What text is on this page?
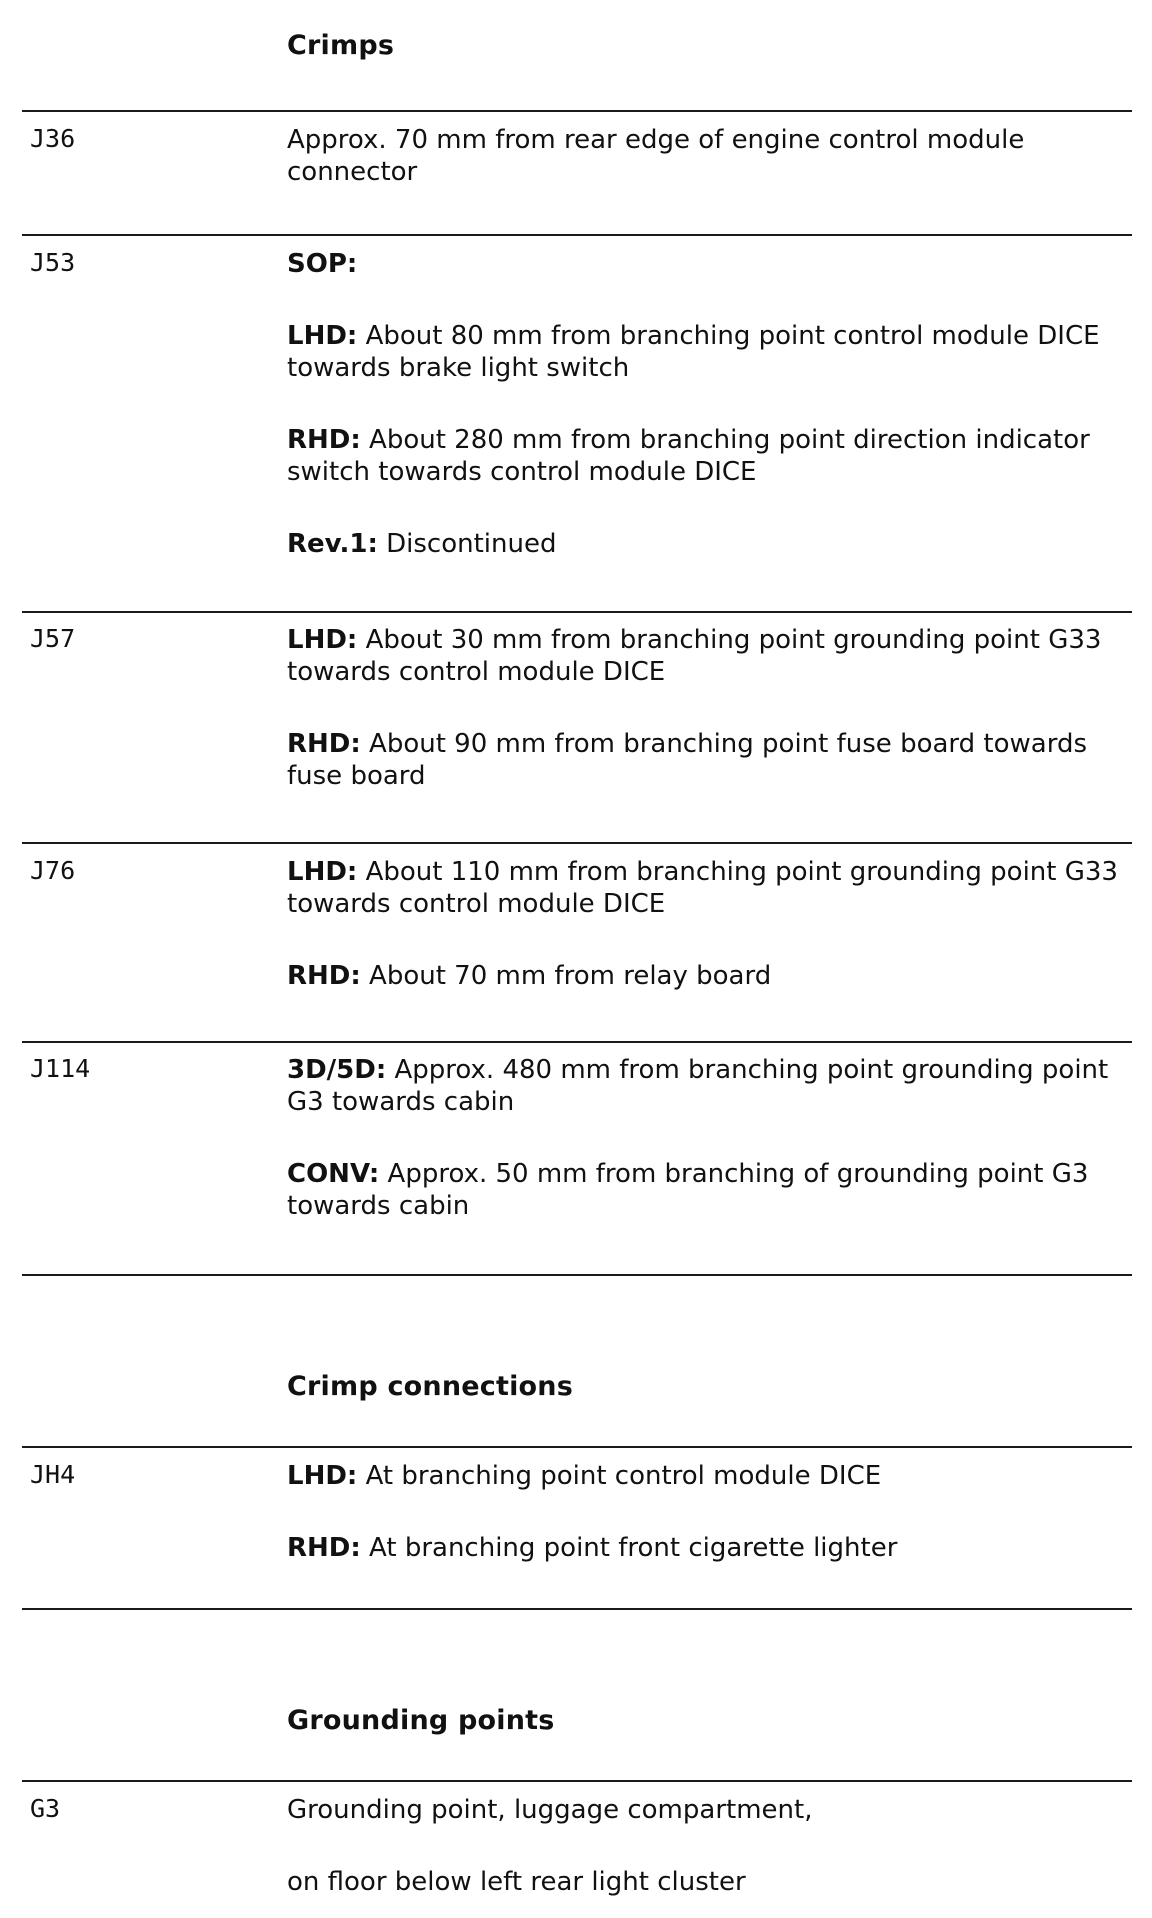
Crimps
J36	Approx. 70 mm from rear edge of engine control module connector

J53	SOP:

LHD: About 80 mm from branching point control module DICE towards brake light switch

RHD: About 280 mm from branching point direction indicator switch towards control module DICE

Rev.1: Discontinued

J57	LHD: About 30 mm from branching point grounding point G33 towards control module DICE

RHD: About 90 mm from branching point fuse board towards fuse board

J76	LHD: About 110 mm from branching point grounding point G33 towards control module DICE

RHD: About 70 mm from relay board

J114	3D/5D: Approx. 480 mm from branching point grounding point G3 towards cabin

CONV: Approx. 50 mm from branching of grounding point G3 towards cabin

Crimp connections
JH4	LHD: At branching point control module DICE

RHD: At branching point front cigarette lighter

Grounding points
G3	Grounding point, luggage compartment,

on floor below left rear light cluster
